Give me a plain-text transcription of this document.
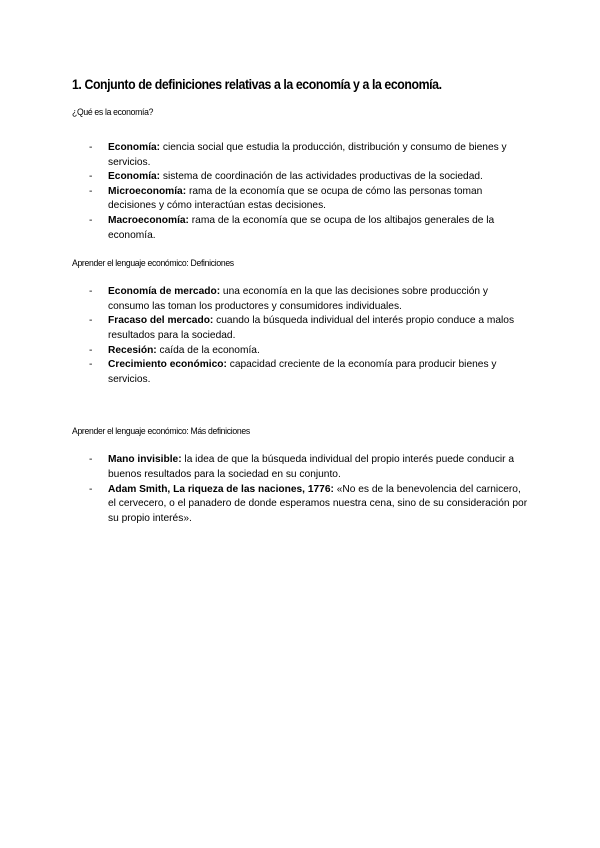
1. Conjunto de definiciones relativas a la economía y a la economía.
¿Qué es la economía?
- Economía: ciencia social que estudia la producción, distribución y consumo de bienes y servicios.
- Economía: sistema de coordinación de las actividades productivas de la sociedad.
- Microeconomía: rama de la economía que se ocupa de cómo las personas toman decisiones y cómo interactúan estas decisiones.
- Macroeconomía: rama de la economía que se ocupa de los altibajos generales de la economía.
Aprender el lenguaje económico: Definiciones
- Economía de mercado: una economía en la que las decisiones sobre producción y consumo las toman los productores y consumidores individuales.
- Fracaso del mercado: cuando la búsqueda individual del interés propio conduce a malos resultados para la sociedad.
- Recesión: caída de la economía.
- Crecimiento económico: capacidad creciente de la economía para producir bienes y servicios.
Aprender el lenguaje económico: Más definiciones
- Mano invisible: la idea de que la búsqueda individual del propio interés puede conducir a buenos resultados para la sociedad en su conjunto.
- Adam Smith, La riqueza de las naciones, 1776: «No es de la benevolencia del carnicero, el cervecero, o el panadero de donde esperamos nuestra cena, sino de su consideración por su propio interés».
